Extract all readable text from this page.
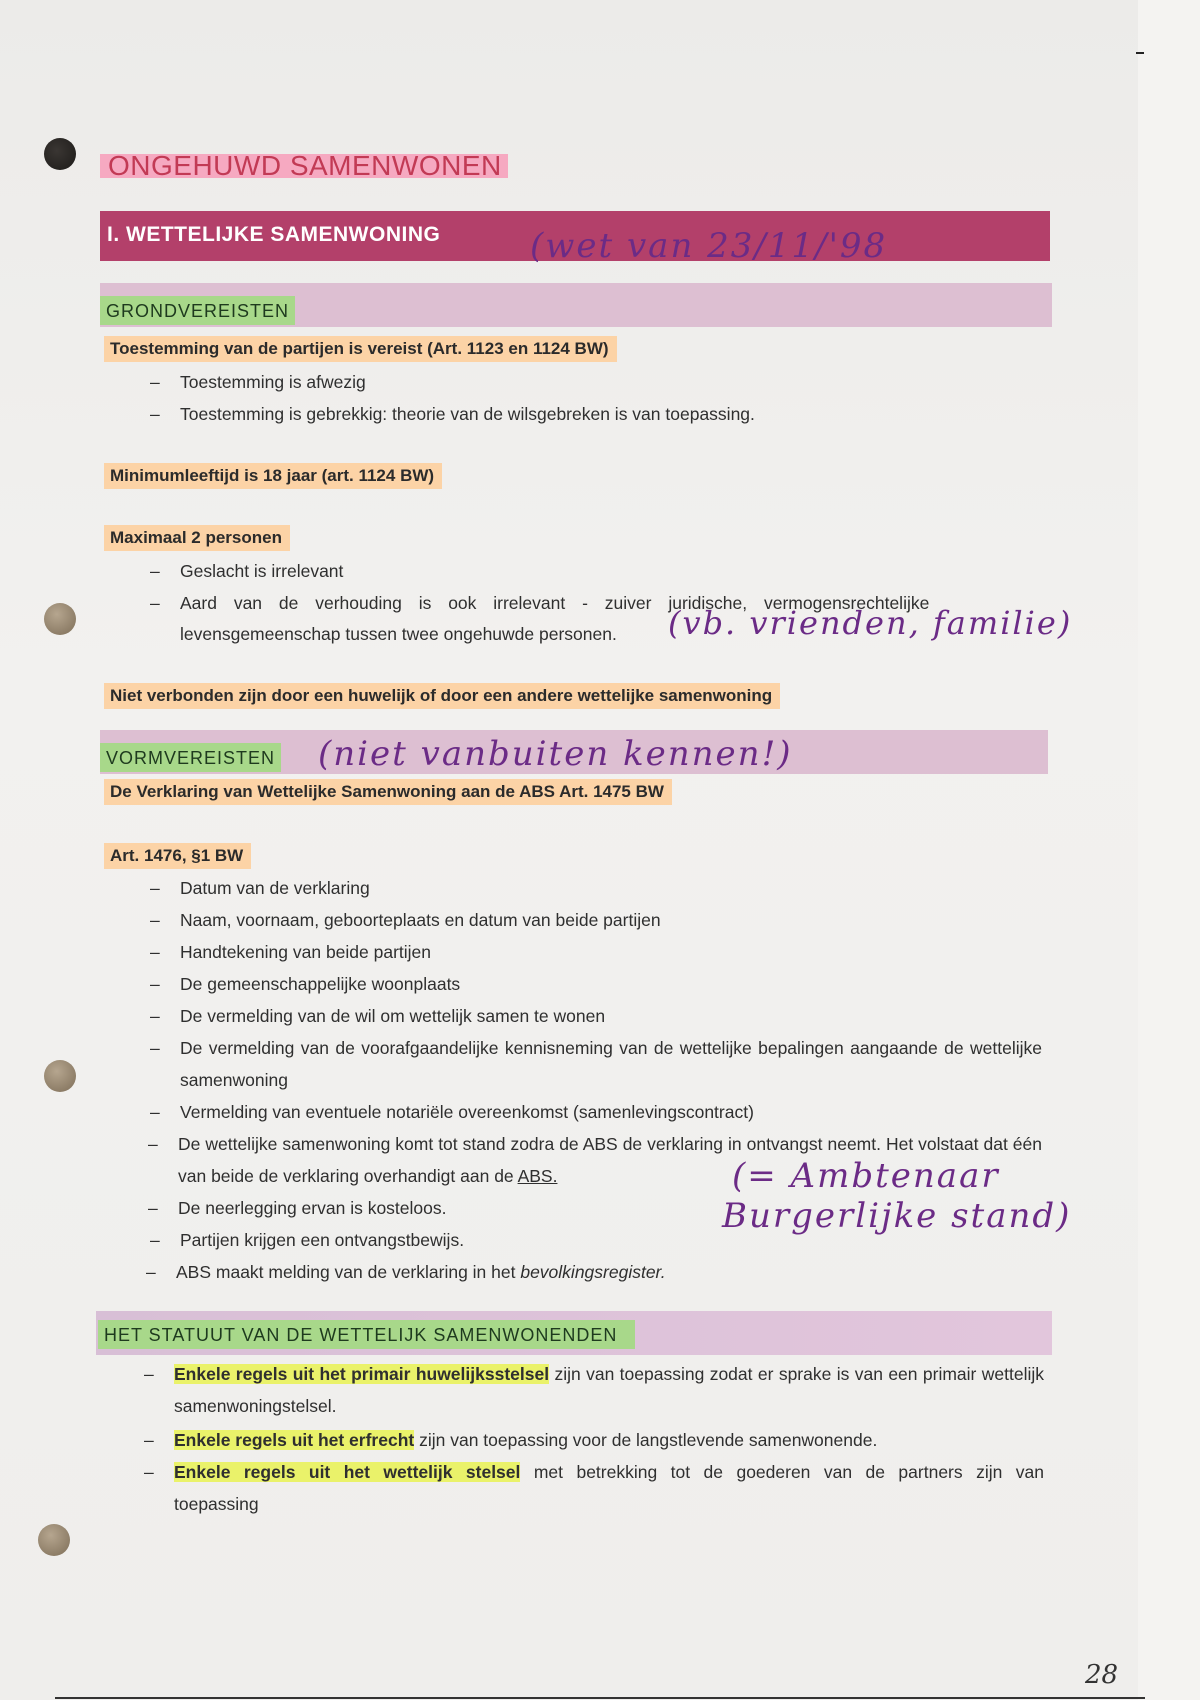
ONGEHUWD SAMENWONEN
I. WETTELIJKE SAMENWONING	(wet van 23/11/'98
GRONDVEREISTEN
Toestemming van de partijen is vereist (Art. 1123 en 1124 BW)
– Toestemming is afwezig
– Toestemming is gebrekkig: theorie van de wilsgebreken is van toepassing.
Minimumleeftijd is 18 jaar (art. 1124 BW)
Maximaal 2 personen
– Geslacht is irrelevant
– Aard van de verhouding is ook irrelevant - zuiver juridische, vermogensrechtelijke
levensgemeenschap tussen twee ongehuwde personen. (vb. vrienden, familie)
Niet verbonden zijn door een huwelijk of door een andere wettelijke samenwoning
VORMVEREISTEN (niet vanbuiten kennen!)
De Verklaring van Wettelijke Samenwoning aan de ABS Art. 1475 BW
Art. 1476, §1 BW
– Datum van de verklaring
– Naam, voornaam, geboorteplaats en datum van beide partijen
– Handtekening van beide partijen
– De gemeenschappelijke woonplaats
– De vermelding van de wil om wettelijk samen te wonen
– De vermelding van de voorafgaandelijke kennisneming van de wettelijke bepalingen aangaande de wettelijke samenwoning
– Vermelding van eventuele notariële overeenkomst (samenlevingscontract)
– De wettelijke samenwoning komt tot stand zodra de ABS de verklaring in ontvangst neemt. Het volstaat dat één van beide de verklaring overhandigt aan de ABS.	(= Ambtenaar
– De neerlegging ervan is kosteloos.	Burgerlijke stand)
– Partijen krijgen een ontvangstbewijs.
– ABS maakt melding van de verklaring in het bevolkingsregister.
HET STATUUT VAN DE WETTELIJK SAMENWONENDEN
– Enkele regels uit het primair huwelijksstelsel zijn van toepassing zodat er sprake is van een primair wettelijk samenwoningstelsel.
– Enkele regels uit het erfrecht zijn van toepassing voor de langstlevende samenwonende.
– Enkele regels uit het wettelijk stelsel met betrekking tot de goederen van de partners zijn van toepassing
28
